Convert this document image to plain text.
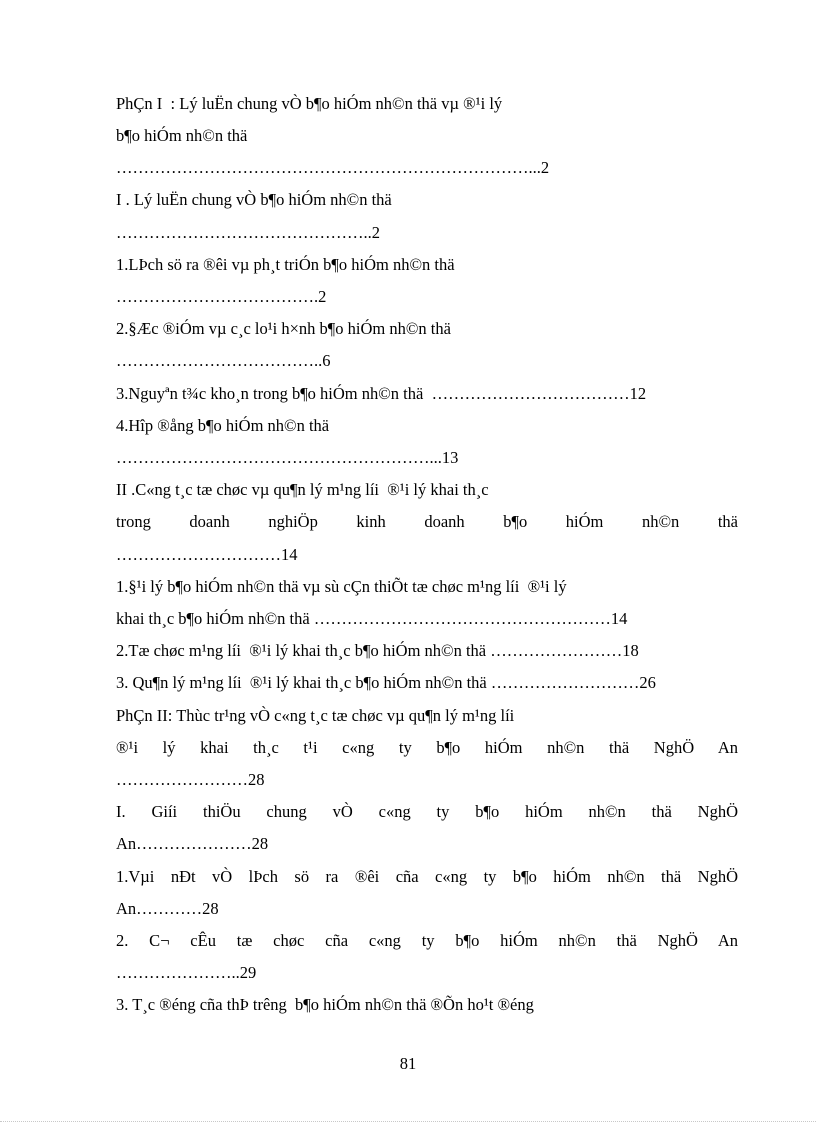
PhÇn I  : Lý luËn chung vÒ b¶o hiÓm nh©n thä vµ ®¹i lý
b¶o hiÓm nh©n thä
…………………………………………………………………...2
I . Lý luËn chung vÒ b¶o hiÓm nh©n thä
………………………………………..2
1.LÞch sö ra ®êi vµ ph¸t triÓn b¶o hiÓm nh©n thä
……………………………….2
2.§Æc ®iÓm vµ c¸c lo¹i h×nh b¶o hiÓm nh©n thä
………………………………..6
3.Nguyªn t¾c kho¸n trong b¶o hiÓm nh©n thä  ………………………………12
4.Hîp ®ång b¶o hiÓm nh©n thä
…………………………………………………...13
II .C«ng t¸c tæ chøc vµ qu¶n lý m¹ng líi  ®¹i lý khai th¸c
trong doanh nghiÖp kinh doanh b¶o hiÓm nh©n thä
…………………………14
1.§¹i lý b¶o hiÓm nh©n thä vµ sù cÇn thiÕt tæ chøc m¹ng líi  ®¹i lý
khai th¸c b¶o hiÓm nh©n thä ………………………………………………14
2.Tæ chøc m¹ng líi  ®¹i lý khai th¸c b¶o hiÓm nh©n thä ……………………18
3. Qu¶n lý m¹ng líi  ®¹i lý khai th¸c b¶o hiÓm nh©n thä ………………………26
PhÇn II: Thùc tr¹ng vÒ c«ng t¸c tæ chøc vµ qu¶n lý m¹ng líi
®¹i lý khai th¸c t¹i c«ng ty b¶o hiÓm nh©n thä NghÖ An
……………………28
I. Giíi thiÖu chung vÒ c«ng ty b¶o hiÓm nh©n thä NghÖ
An…………………28
1.Vµi nÐt vÒ lÞch sö ra ®êi cña c«ng ty b¶o hiÓm nh©n thä NghÖ
An…………28
2. C¬ cÊu tæ chøc cña c«ng ty b¶o hiÓm nh©n thä NghÖ An
…………………..29
3. T¸c ®éng cña thÞ trêng  b¶o hiÓm nh©n thä ®Õn ho¹t ®éng
81
